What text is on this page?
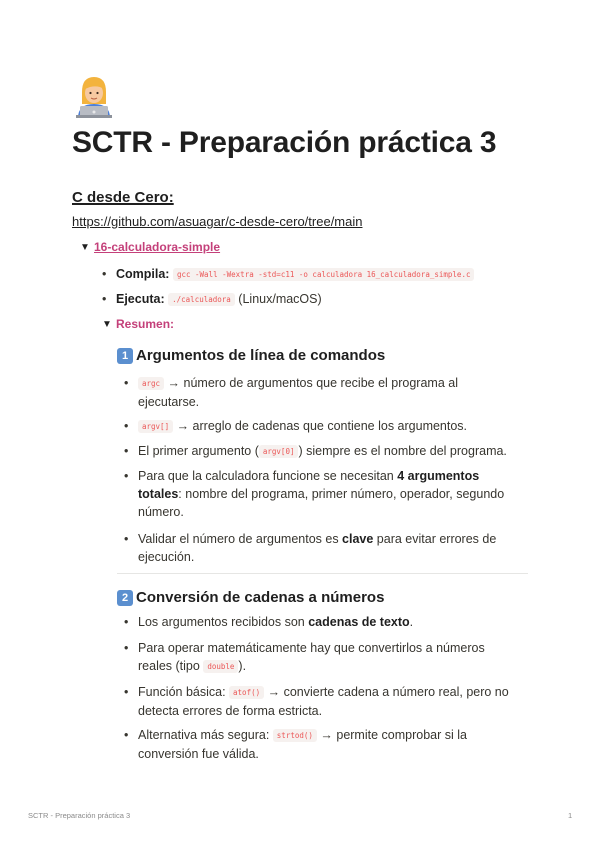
SCTR - Preparación práctica 3
C desde Cero:
https://github.com/asuagar/c-desde-cero/tree/main
▼ 16-calculadora-simple
• Compila: gcc -Wall -Wextra -std=c11 -o calculadora 16_calculadora_simple.c
• Ejecuta: ./calculadora (Linux/macOS)
▼ Resumen:
1 Argumentos de línea de comandos
• argc → número de argumentos que recibe el programa al ejecutarse.
• argv[] → arreglo de cadenas que contiene los argumentos.
• El primer argumento ( argv[0] ) siempre es el nombre del programa.
• Para que la calculadora funcione se necesitan 4 argumentos totales: nombre del programa, primer número, operador, segundo número.
• Validar el número de argumentos es clave para evitar errores de ejecución.
2 Conversión de cadenas a números
• Los argumentos recibidos son cadenas de texto.
• Para operar matemáticamente hay que convertirlos a números reales (tipo double ).
• Función básica: atof() → convierte cadena a número real, pero no detecta errores de forma estricta.
• Alternativa más segura: strtod() → permite comprobar si la conversión fue válida.
SCTR - Preparación práctica 3	1
